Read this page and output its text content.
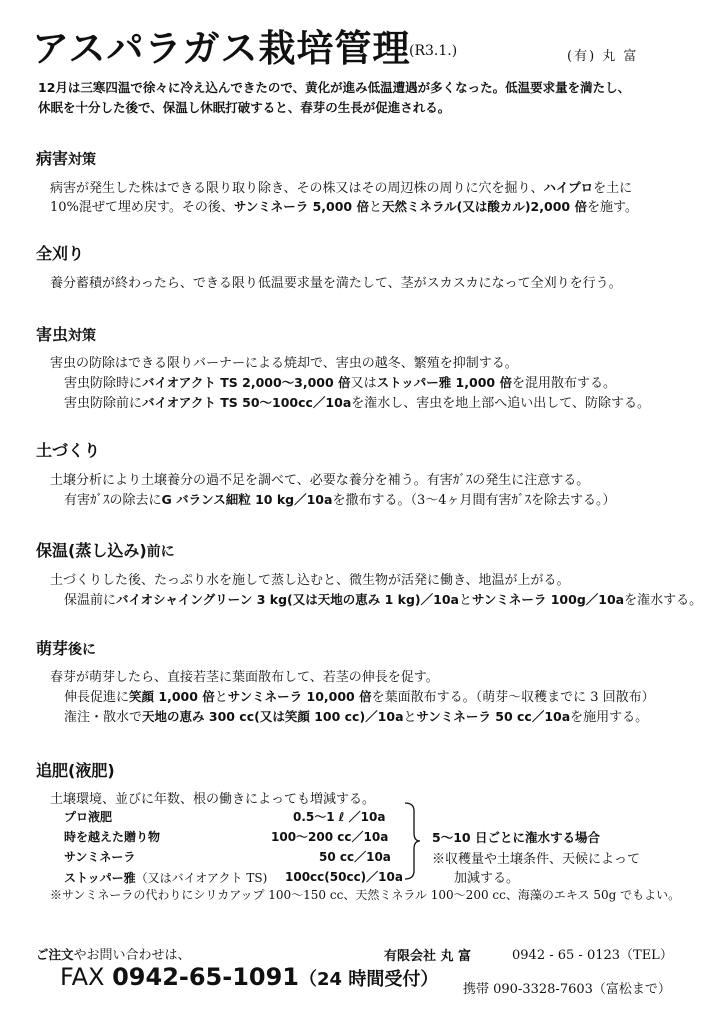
アスパラガス栽培管理
(R3.1.)	(有) 丸 富
12月は三寒四温で徐々に冷え込んできたので、黄化が進み低温遭遇が多くなった。低温要求量を満たし、
休眠を十分した後で、保温し休眠打破すると、春芽の生長が促進される。
病害対策
病害が発生した株はできる限り取り除き、その株又はその周辺株の周りに穴を掘り、ハイプロを土に
10%混ぜて埋め戻す。その後、サンミネーラ 5,000 倍と天然ミネラル(又は酸カル)2,000 倍を施す。
全刈り
養分蓄積が終わったら、できる限り低温要求量を満たして、茎がスカスカになって全刈りを行う。
害虫対策
害虫の防除はできる限りバーナーによる焼却で、害虫の越冬、繁殖を抑制する。
害虫防除時にバイオアクト TS 2,000～3,000 倍又はストッパー雅 1,000 倍を混用散布する。
害虫防除前にバイオアクト TS 50～100cc／10aを潅水し、害虫を地上部へ追い出して、防除する。
土づくり
土壌分析により土壌養分の過不足を調べて、必要な養分を補う。有害ｶﾞｽの発生に注意する。
有害ｶﾞｽの除去にG バランス細粒 10 kg／10aを撒布する。（3～4ヶ月間有害ｶﾞｽを除去する。）
保温(蒸し込み)前に
土づくりした後、たっぷり水を施して蒸し込むと、微生物が活発に働き、地温が上がる。
保温前にバイオシャイングリーン 3 kg(又は天地の恵み 1 kg)／10aとサンミネーラ 100g／10aを潅水する。
萌芽後に
春芽が萌芽したら、直接若茎に葉面散布して、若茎の伸長を促す。
伸長促進に笑顔 1,000 倍とサンミネーラ 10,000 倍を葉面散布する。（萌芽～収穫までに 3 回散布）
潅注・散水で天地の恵み 300 cc(又は笑顔 100 cc)／10aとサンミネーラ 50 cc／10aを施用する。
追肥(液肥)
土壌環境、並びに年数、根の働きによっても増減する。
プロ液肥	0.5～1 ℓ ／10a
時を越えた贈り物	100～200 cc／10a
サンミネーラ	50 cc／10a
ストッパー雅（又はバイオアクト TS) 100cc(50cc)／10a
5～10 日ごとに潅水する場合
※収穫量や土壌条件、天候によって
加減する。
※サンミネーラの代わりにシリカアップ 100～150 cc、天然ミネラル 100～200 cc、海藻のエキス 50g でもよい。
ご注文やお問い合わせは、	有限会社 丸 富	0942 - 65 - 0123（TEL）
FAX 0942-65-1091（24 時間受付） 携帯 090-3328-7603（富松まで）
